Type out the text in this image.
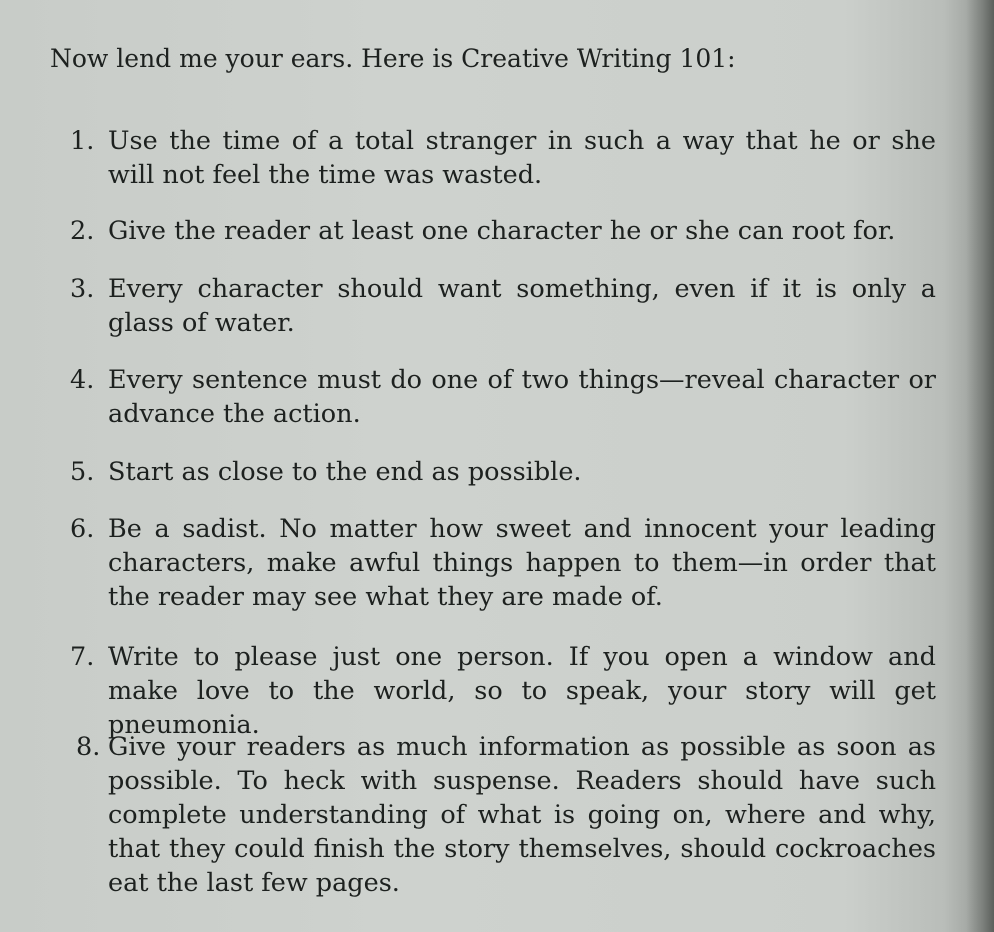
Now lend me your ears. Here is Creative Writing 101:

1. Use the time of a total stranger in such a way that he or she will not feel the time was wasted.
2. Give the reader at least one character he or she can root for.
3. Every character should want something, even if it is only a glass of water.
4. Every sentence must do one of two things—reveal character or advance the action.
5. Start as close to the end as possible.
6. Be a sadist. No matter how sweet and innocent your leading characters, make awful things happen to them—in order that the reader may see what they are made of.
7. Write to please just one person. If you open a window and make love to the world, so to speak, your story will get pneumonia.
8. Give your readers as much information as possible as soon as possible. To heck with suspense. Readers should have such complete understanding of what is going on, where and why, that they could finish the story themselves, should cockroaches eat the last few pages.
